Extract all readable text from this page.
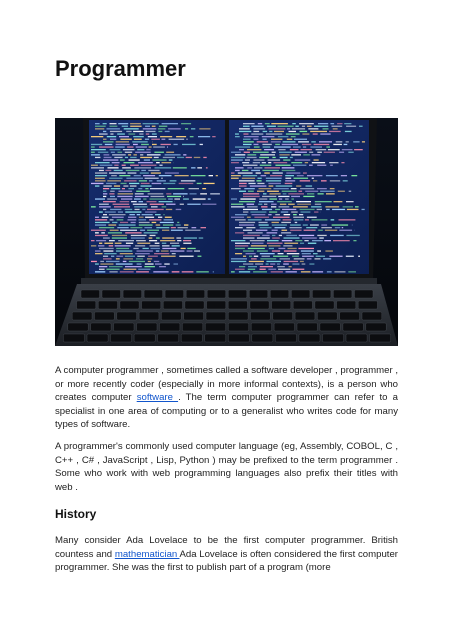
Programmer

A computer programmer , sometimes called a software developer , programmer , or more recently coder (especially in more informal contexts), is a person who creates computer software . The term computer programmer can refer to a specialist in one area of computing or to a generalist who writes code for many types of software.

A programmer's commonly used computer language (eg, Assembly, COBOL, C , C++ , C# , JavaScript , Lisp, Python ) may be prefixed to the term programmer . Some who work with web programming languages also prefix their titles with web .

History

Many consider Ada Lovelace to be the first computer programmer. British countess and mathematician Ada Lovelace is often considered the first computer programmer. She was the first to publish part of a program (more
